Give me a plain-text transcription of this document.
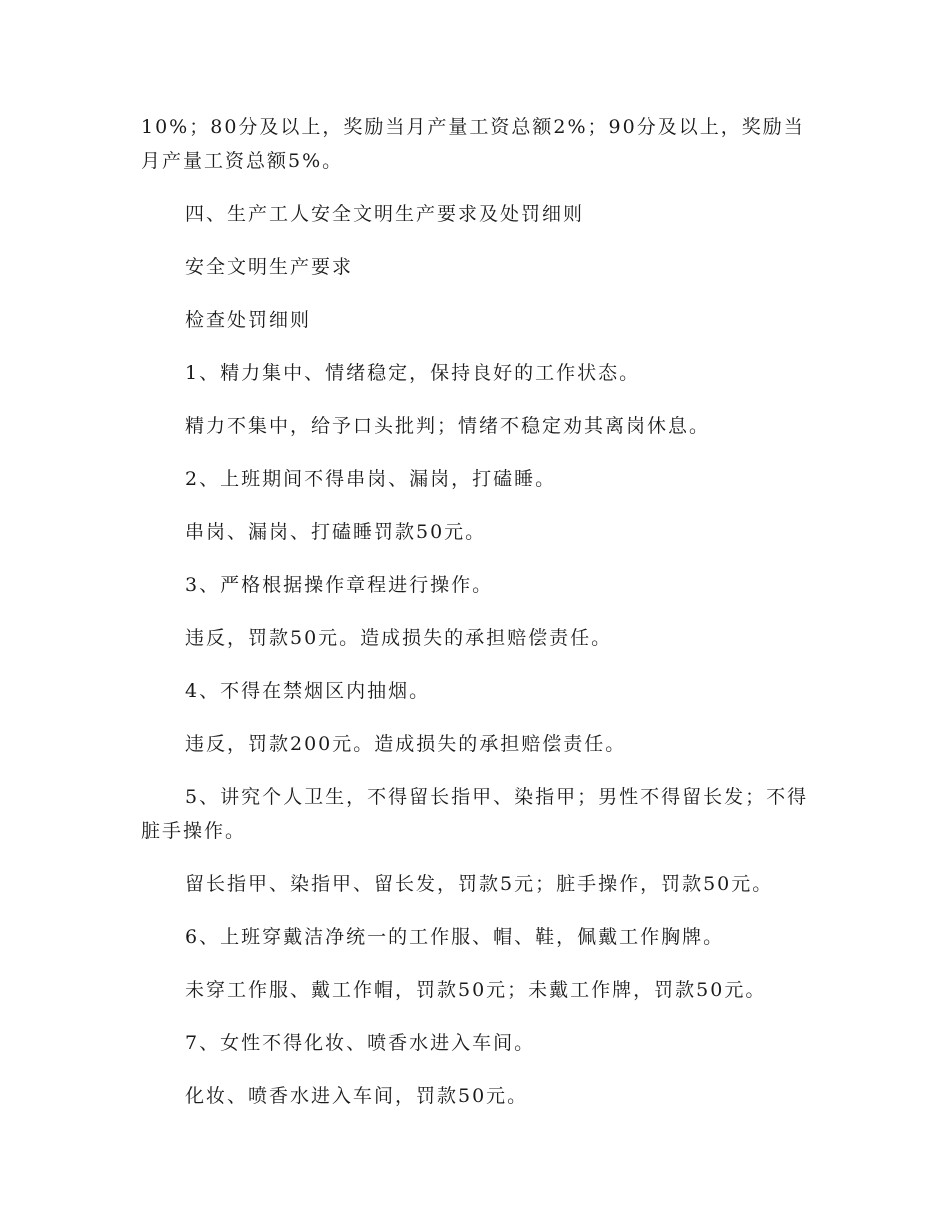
10%；80分及以上，奖励当月产量工资总额2%；90分及以上，奖励当月产量工资总额5%。

四、生产工人安全文明生产要求及处罚细则

安全文明生产要求

检查处罚细则

1、精力集中、情绪稳定，保持良好的工作状态。

精力不集中，给予口头批判；情绪不稳定劝其离岗休息。

2、上班期间不得串岗、漏岗，打磕睡。

串岗、漏岗、打磕睡罚款50元。

3、严格根据操作章程进行操作。

违反，罚款50元。造成损失的承担赔偿责任。

4、不得在禁烟区内抽烟。

违反，罚款200元。造成损失的承担赔偿责任。

5、讲究个人卫生，不得留长指甲、染指甲；男性不得留长发；不得脏手操作。

留长指甲、染指甲、留长发，罚款5元；脏手操作，罚款50元。

6、上班穿戴洁净统一的工作服、帽、鞋，佩戴工作胸牌。

未穿工作服、戴工作帽，罚款50元；未戴工作牌，罚款50元。

7、女性不得化妆、喷香水进入车间。

化妆、喷香水进入车间，罚款50元。
